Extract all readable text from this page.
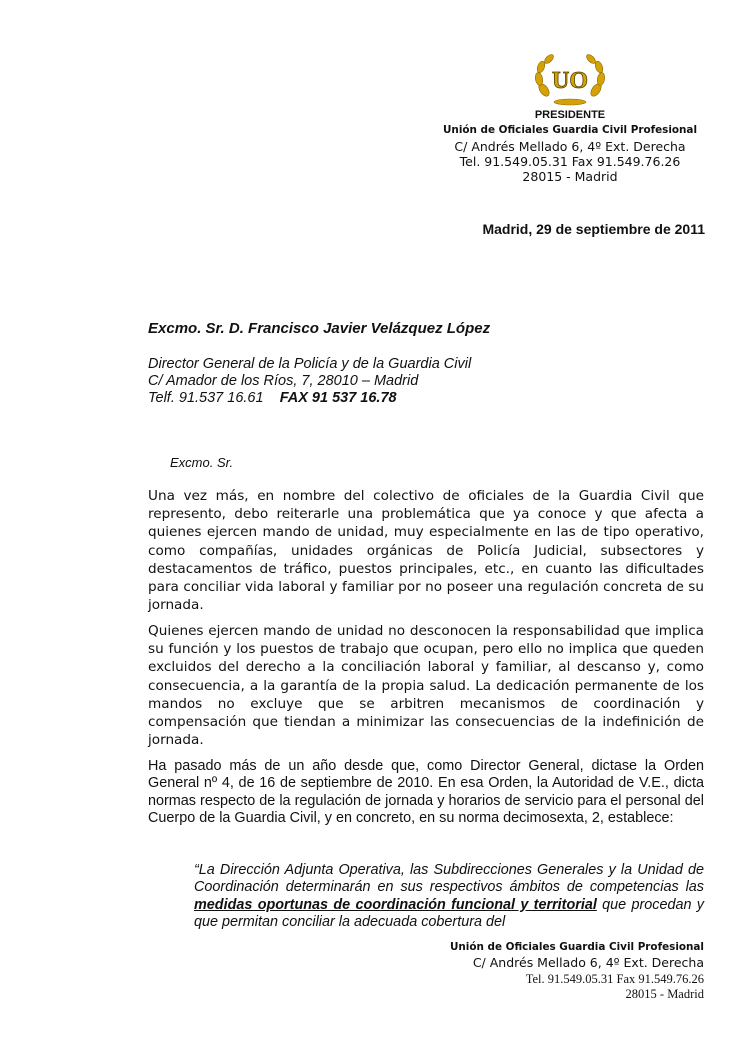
UO
PRESIDENTE
Unión de Oficiales Guardia Civil Profesional
C/ Andrés Mellado 6, 4º Ext. Derecha
Tel. 91.549.05.31 Fax 91.549.76.26
28015 - Madrid
Madrid, 29 de septiembre de 2011
Excmo. Sr. D. Francisco Javier Velázquez López
Director General de la Policía y de la Guardia Civil
C/ Amador de los Ríos, 7, 28010 – Madrid
Telf. 91.537 16.61 FAX 91 537 16.78
Excmo. Sr.

Una vez más, en nombre del colectivo de oficiales de la Guardia Civil que represento, debo reiterarle una problemática que ya conoce y que afecta a quienes ejercen mando de unidad, muy especialmente en las de tipo operativo, como compañías, unidades orgánicas de Policía Judicial, subsectores y destacamentos de tráfico, puestos principales, etc., en cuanto las dificultades para conciliar vida laboral y familiar por no poseer una regulación concreta de su jornada.

Quienes ejercen mando de unidad no desconocen la responsabilidad que implica su función y los puestos de trabajo que ocupan, pero ello no implica que queden excluidos del derecho a la conciliación laboral y familiar, al descanso y, como consecuencia, a la garantía de la propia salud. La dedicación permanente de los mandos no excluye que se arbitren mecanismos de coordinación y compensación que tiendan a minimizar las consecuencias de la indefinición de jornada.

Ha pasado más de un año desde que, como Director General, dictase la Orden General nº 4, de 16 de septiembre de 2010. En esa Orden, la Autoridad de V.E., dicta normas respecto de la regulación de jornada y horarios de servicio para el personal del Cuerpo de la Guardia Civil, y en concreto, en su norma decimosexta, 2, establece:

“La Dirección Adjunta Operativa, las Subdirecciones Generales y la Unidad de Coordinación determinarán en sus respectivos ámbitos de competencias las medidas oportunas de coordinación funcional y territorial que procedan y que permitan conciliar la adecuada cobertura del

Unión de Oficiales Guardia Civil Profesional
C/ Andrés Mellado 6, 4º Ext. Derecha
Tel. 91.549.05.31 Fax 91.549.76.26
28015 - Madrid
